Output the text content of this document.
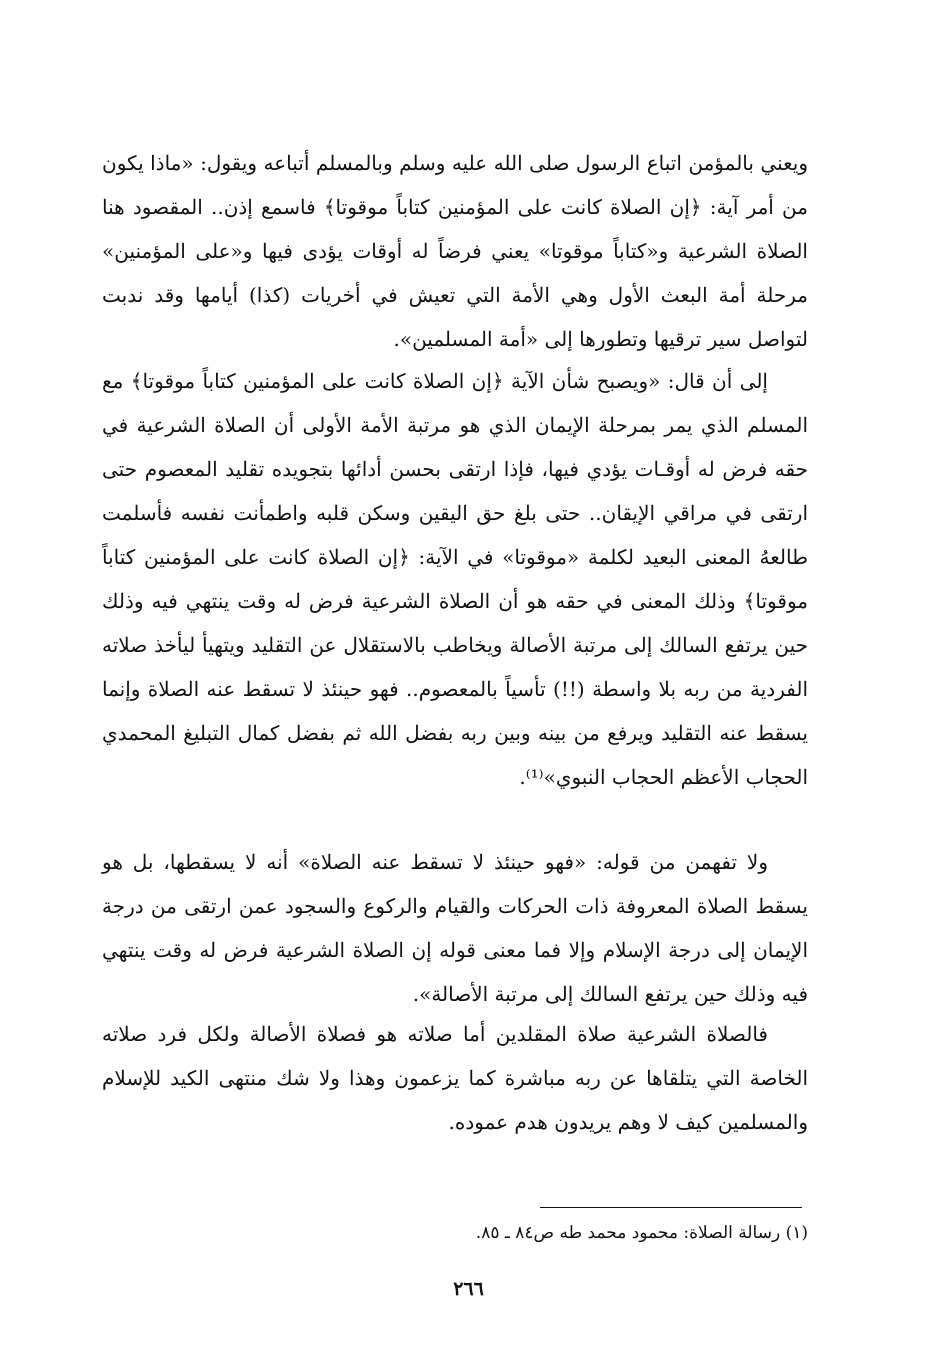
ويعني بالمؤمن اتباع الرسول صلى الله عليه وسلم وبالمسلم أتباعه ويقول: «ماذا يكون من أمر آية: ﴿إن الصلاة كانت على المؤمنين كتاباً موقوتا﴾ فاسمع إذن.. المقصود هنا الصلاة الشرعية و«كتاباً موقوتا» يعني فرضاً له أوقات يؤدى فيها و«على المؤمنين» مرحلة أمة البعث الأول وهي الأمة التي تعيش في أخريات (كذا) أيامها وقد ندبت لتواصل سير ترقيها وتطورها إلى «أمة المسلمين».
إلى أن قال: «ويصبح شأن الآية ﴿إن الصلاة كانت على المؤمنين كتاباً موقوتا﴾ مع المسلم الذي يمر بمرحلة الإيمان الذي هو مرتبة الأمة الأولى أن الصلاة الشرعية في حقه فرض له أوقـات يؤدي فيها، فإذا ارتقى بحسن أدائها بتجويده تقليد المعصوم حتى ارتقى في مراقي الإيقان.. حتى بلغ حق اليقين وسكن قلبه واطمأنت نفسه فأسلمت طالعهُ المعنى البعيد لكلمة «موقوتا» في الآية: ﴿إن الصلاة كانت على المؤمنين كتاباً موقوتا﴾ وذلك المعنى في حقه هو أن الصلاة الشرعية فرض له وقت ينتهي فيه وذلك حين يرتفع السالك إلى مرتبة الأصالة ويخاطب بالاستقلال عن التقليد ويتهيأ ليأخذ صلاته الفردية من ربه بلا واسطة (!!) تأسياً بالمعصوم.. فهو حينئذ لا تسقط عنه الصلاة وإنما يسقط عنه التقليد ويرفع من بينه وبين ربه بفضل الله ثم بفضل كمال التبليغ المحمدي الحجاب الأعظم الحجاب النبوي»⁽¹⁾.
ولا تفهمن من قوله: «فهو حينئذ لا تسقط عنه الصلاة» أنه لا يسقطها، بل هو يسقط الصلاة المعروفة ذات الحركات والقيام والركوع والسجود عمن ارتقى من درجة الإيمان إلى درجة الإسلام وإلا فما معنى قوله إن الصلاة الشرعية فرض له وقت ينتهي فيه وذلك حين يرتفع السالك إلى مرتبة الأصالة».
فالصلاة الشرعية صلاة المقلدين أما صلاته هو فصلاة الأصالة ولكل فرد صلاته الخاصة التي يتلقاها عن ربه مباشرة كما يزعمون وهذا ولا شك منتهى الكيد للإسلام والمسلمين كيف لا وهم يريدون هدم عموده.
(١) رسالة الصلاة: محمود محمد طه ص٨٤ ـ ٨٥.
٢٦٦
